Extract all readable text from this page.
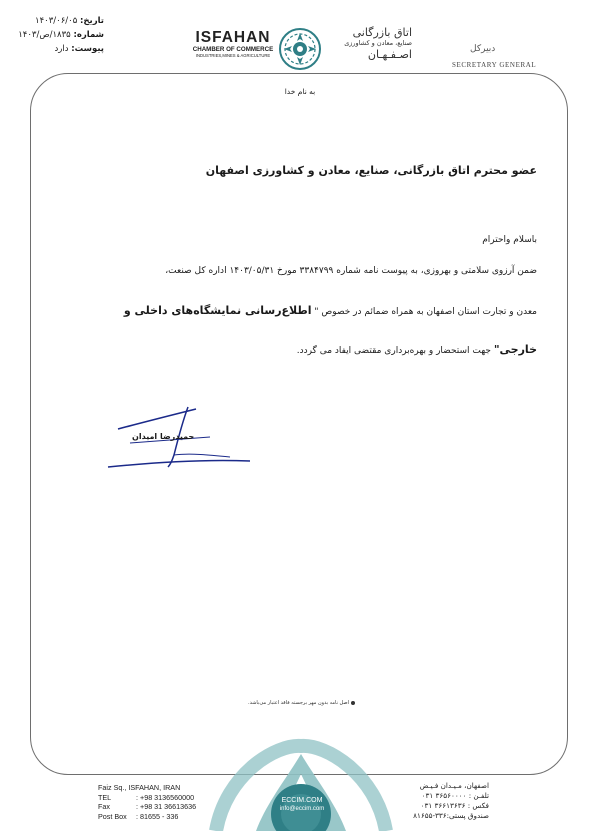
تاریخ: ۱۴۰۳/۰۶/۰۵
شماره: ۱۸۳۵/ص/۱۴۰۳
پیوست: دارد
ISFAHAN
CHAMBER OF COMMERCE
INDUSTRIES,MINES & AGRICULTURE
اتاق بازرگانی
صنایع، معادن و کشاورزی
اصـفـهـان	دبیرکل
SECRETARY GENERAL
به نام خدا
عضو محترم اتاق بازرگانی، صنایع، معادن و کشاورزی اصفهان
باسلام واحترام
ضمن آرزوی سلامتی و بهروزی، به پیوست نامه شماره ۳۳۸۴۷۹۹ مورخ ۱۴۰۳/۰۵/۳۱ اداره کل صنعت،
معدن و تجارت استان اصفهان به همراه ضمائم در خصوص " اطلاع‌رسانی نمایشگاه‌های داخلی و
خارجی" جهت استحضار و بهره‌برداری مقتضی ایفاد می گردد.
حمیدرضا امیدان
اصل نامه بدون مهر برجسته فاقد اعتبار می‌باشد.
ECCIM.COM
info@eccim.com
Faiz Sq., ISFAHAN, IRAN
TEL	: +98 3136560000
Fax	: +98 31 36613636
Post Box : 81655 - 336
اصفهان، مـیـدان فـیـض
تلفـن : ۳۶۵۶۰۰۰۰ ۰۳۱
فکس : ۳۶۶۱۳۶۳۶ ۰۳۱
صندوق پستی:۳۳۶-۸۱۶۵۵
